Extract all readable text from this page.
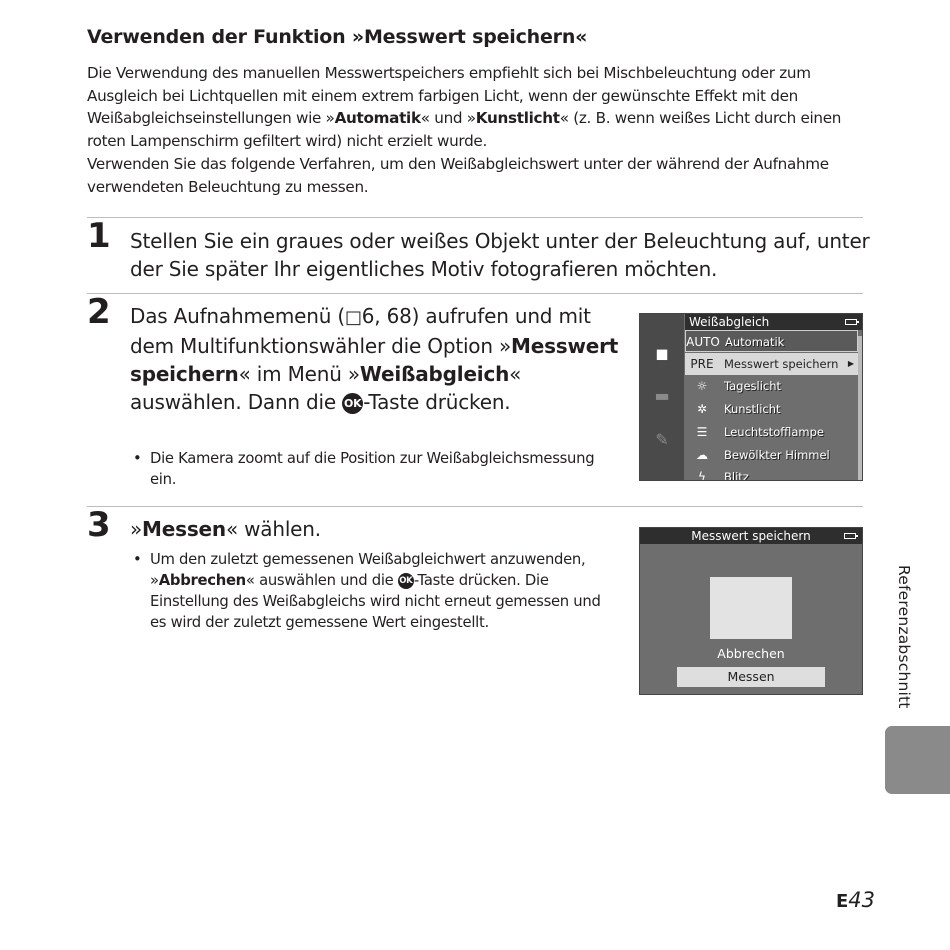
Verwenden der Funktion »Messwert speichern«

Die Verwendung des manuellen Messwertspeichers empfiehlt sich bei Mischbeleuchtung oder zum Ausgleich bei Lichtquellen mit einem extrem farbigen Licht, wenn der gewünschte Effekt mit den Weißabgleichseinstellungen wie »Automatik« und »Kunstlicht« (z. B. wenn weißes Licht durch einen roten Lampenschirm gefiltert wird) nicht erzielt wurde.

Verwenden Sie das folgende Verfahren, um den Weißabgleichswert unter der während der Aufnahme verwendeten Beleuchtung zu messen.

1 Stellen Sie ein graues oder weißes Objekt unter der Beleuchtung auf, unter der Sie später Ihr eigentliches Motiv fotografieren möchten.

2 Das Aufnahmemenü (□6, 68) aufrufen und mit dem Multifunktionswähler die Option »Messwert speichern« im Menü »Weißabgleich« auswählen. Dann die OK-Taste drücken.

• Die Kamera zoomt auf die Position zur Weißabgleichsmessung ein.

◼
▬
✎
Weißabgleich
AUTO Automatik
PRE Messwert speichern ▶
☼	Tageslicht
✲	Kunstlicht
☰	Leuchtstofflampe
☁	Bewölkter Himmel
ϟ	Blitz
3 »Messen« wählen.

• Um den zuletzt gemessenen Weißabgleichwert anzuwenden, »Abbrechen« auswählen und die OK-Taste drücken. Die Einstellung des Weißabgleichs wird nicht erneut gemessen und es wird der zuletzt gemessene Wert eingestellt.

Messwert speichern
Abbrechen
Messen	Referenzabschnitt
E43
